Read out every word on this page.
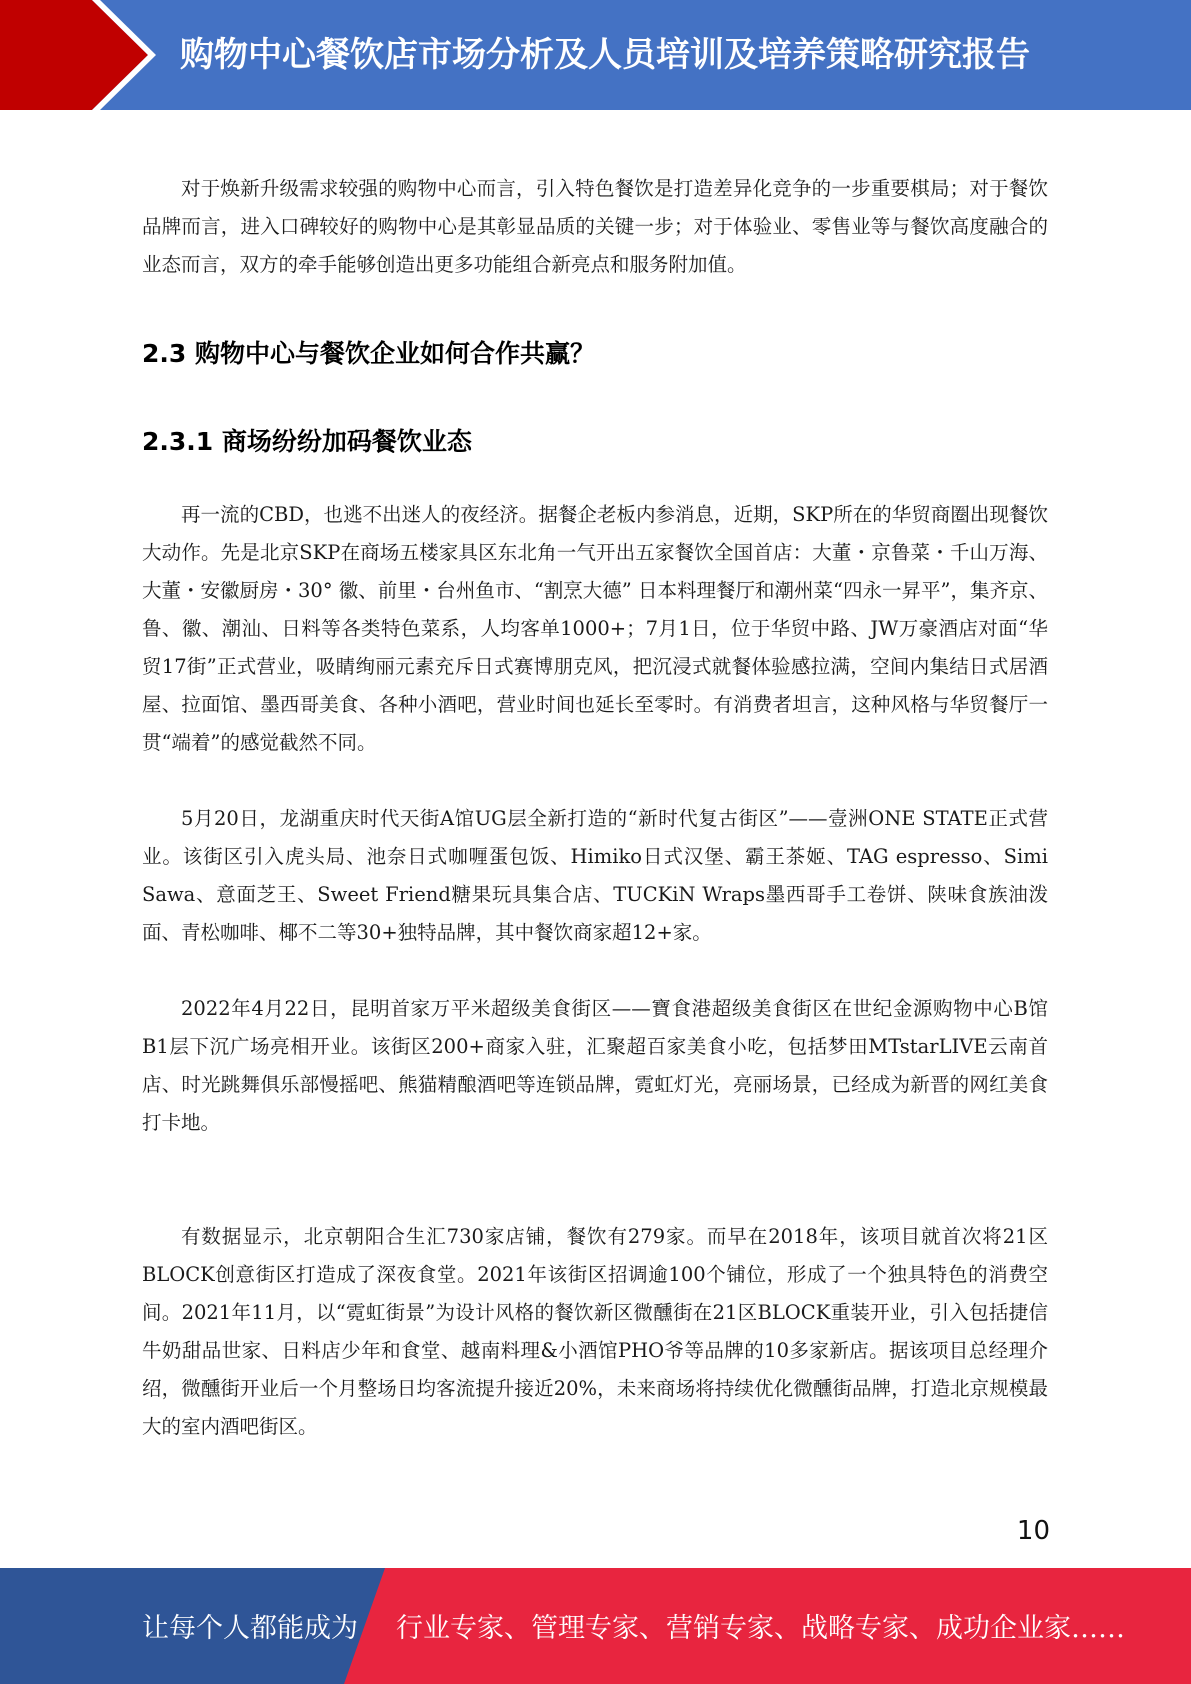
购物中心餐饮店市场分析及人员培训及培养策略研究报告

对于焕新升级需求较强的购物中心而言，引入特色餐饮是打造差异化竞争的一步重要棋局；对于餐饮品牌而言，进入口碑较好的购物中心是其彰显品质的关键一步；对于体验业、零售业等与餐饮高度融合的业态而言，双方的牵手能够创造出更多功能组合新亮点和服务附加值。

2.3 购物中心与餐饮企业如何合作共赢？
2.3.1 商场纷纷加码餐饮业态

再一流的CBD，也逃不出迷人的夜经济。据餐企老板内参消息，近期，SKP所在的华贸商圈出现餐饮大动作。先是北京SKP在商场五楼家具区东北角一气开出五家餐饮全国首店：大董・京鲁菜・千山万海、大董・安徽厨房・30° 徽、前里・台州鱼市、“割烹大德” 日本料理餐厅和潮州菜“四永一昇平”，集齐京、鲁、徽、潮汕、日料等各类特色菜系，人均客单1000+；7月1日，位于华贸中路、JW万豪酒店对面“华贸17街”正式营业，吸睛绚丽元素充斥日式赛博朋克风，把沉浸式就餐体验感拉满，空间内集结日式居酒屋、拉面馆、墨西哥美食、各种小酒吧，营业时间也延长至零时。有消费者坦言，这种风格与华贸餐厅一贯“端着”的感觉截然不同。

5月20日，龙湖重庆时代天街A馆UG层全新打造的“新时代复古街区”——壹洲ONE STATE正式营业。该街区引入虎头局、池奈日式咖喱蛋包饭、Himiko日式汉堡、霸王茶姬、TAG espresso、Simi Sawa、意面芝王、Sweet Friend糖果玩具集合店、TUCKiN Wraps墨西哥手工卷饼、陕味食族油泼面、青松咖啡、椰不二等30+独特品牌，其中餐饮商家超12+家。

2022年4月22日，昆明首家万平米超级美食街区——寶食港超级美食街区在世纪金源购物中心B馆B1层下沉广场亮相开业。该街区200+商家入驻，汇聚超百家美食小吃，包括梦田MTstarLIVE云南首店、时光跳舞俱乐部慢摇吧、熊猫精酿酒吧等连锁品牌，霓虹灯光，亮丽场景，已经成为新晋的网红美食打卡地。

有数据显示，北京朝阳合生汇730家店铺，餐饮有279家。而早在2018年，该项目就首次将21区BLOCK创意街区打造成了深夜食堂。2021年该街区招调逾100个铺位，形成了一个独具特色的消费空间。2021年11月，以“霓虹街景”为设计风格的餐饮新区微醺街在21区BLOCK重装开业，引入包括捷信牛奶甜品世家、日料店少年和食堂、越南料理&小酒馆PHO爷等品牌的10多家新店。据该项目总经理介绍，微醺街开业后一个月整场日均客流提升接近20%，未来商场将持续优化微醺街品牌，打造北京规模最大的室内酒吧街区。

10
让每个人都能成为 行业专家、管理专家、营销专家、战略专家、成功企业家……
